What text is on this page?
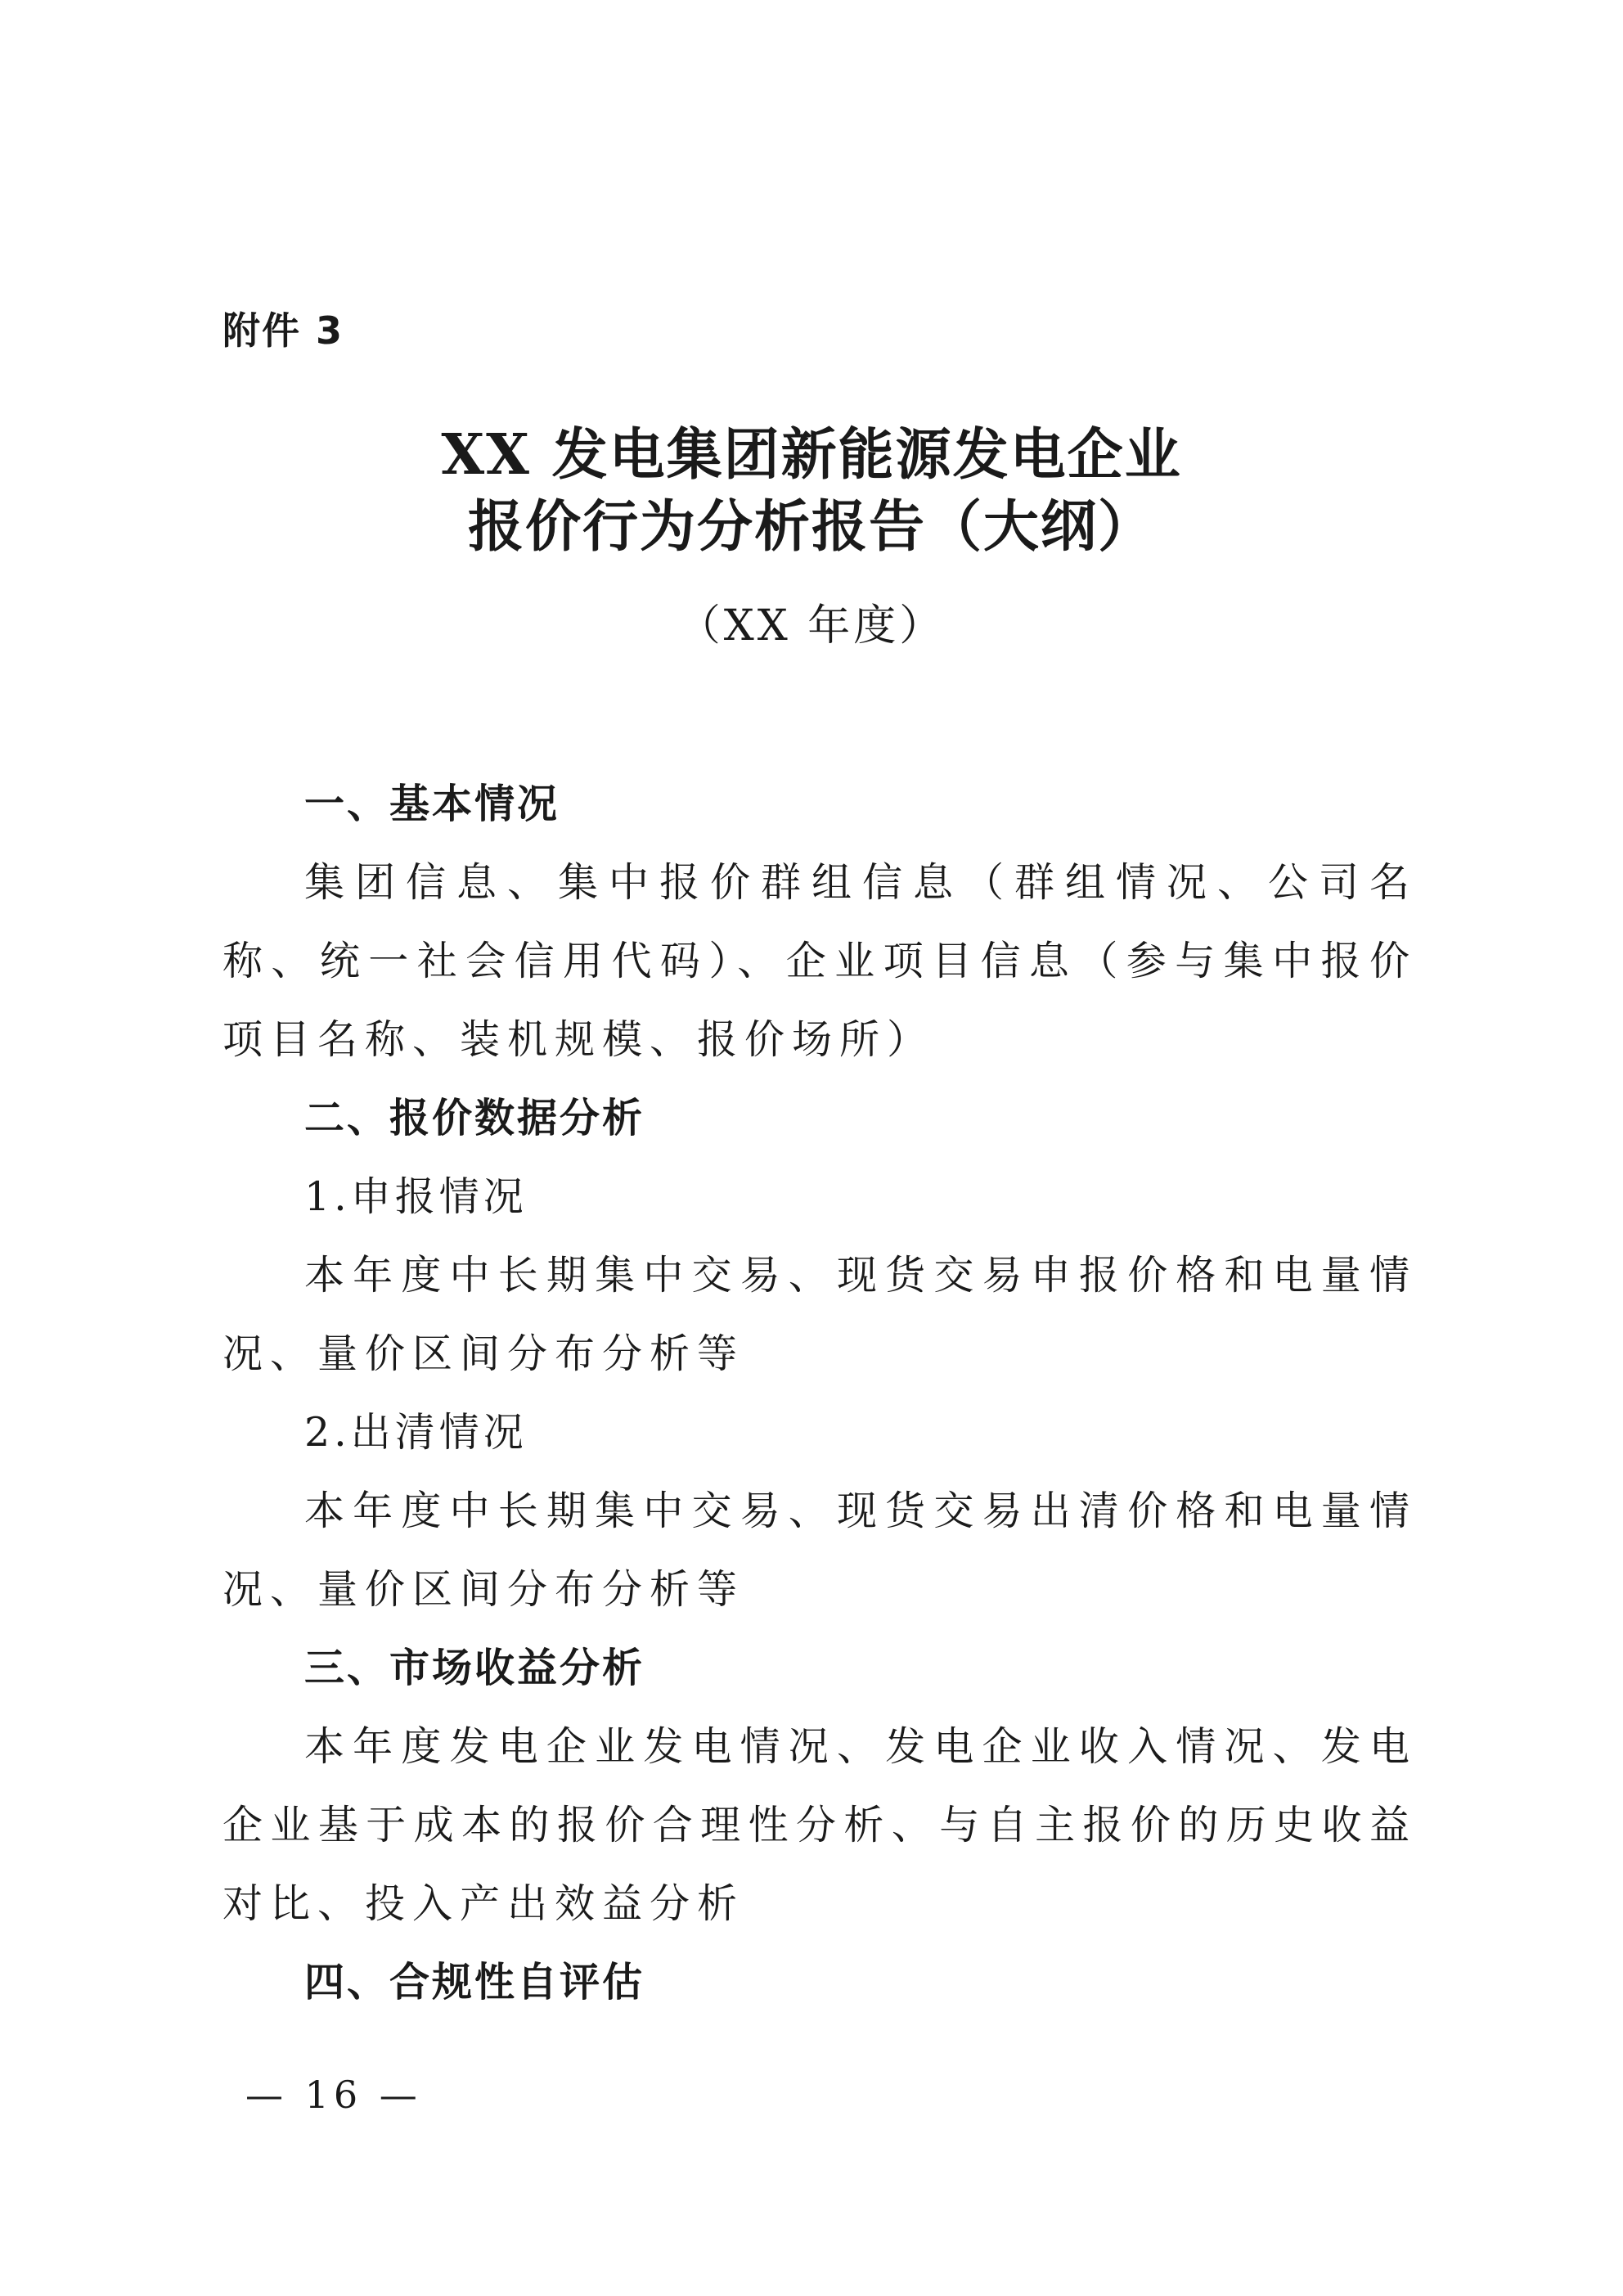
附件 3
XX 发电集团新能源发电企业
报价行为分析报告（大纲）
（XX 年度）

一、基本情况

集团信息、集中报价群组信息（群组情况、公司名称、统一社会信用代码）、企业项目信息（参与集中报价项目名称、装机规模、报价场所）

二、报价数据分析

1.申报情况

本年度中长期集中交易、现货交易申报价格和电量情况、量价区间分布分析等

2.出清情况

本年度中长期集中交易、现货交易出清价格和电量情况、量价区间分布分析等

三、市场收益分析

本年度发电企业发电情况、发电企业收入情况、发电企业基于成本的报价合理性分析、与自主报价的历史收益对比、投入产出效益分析

四、合规性自评估

— 16 —
